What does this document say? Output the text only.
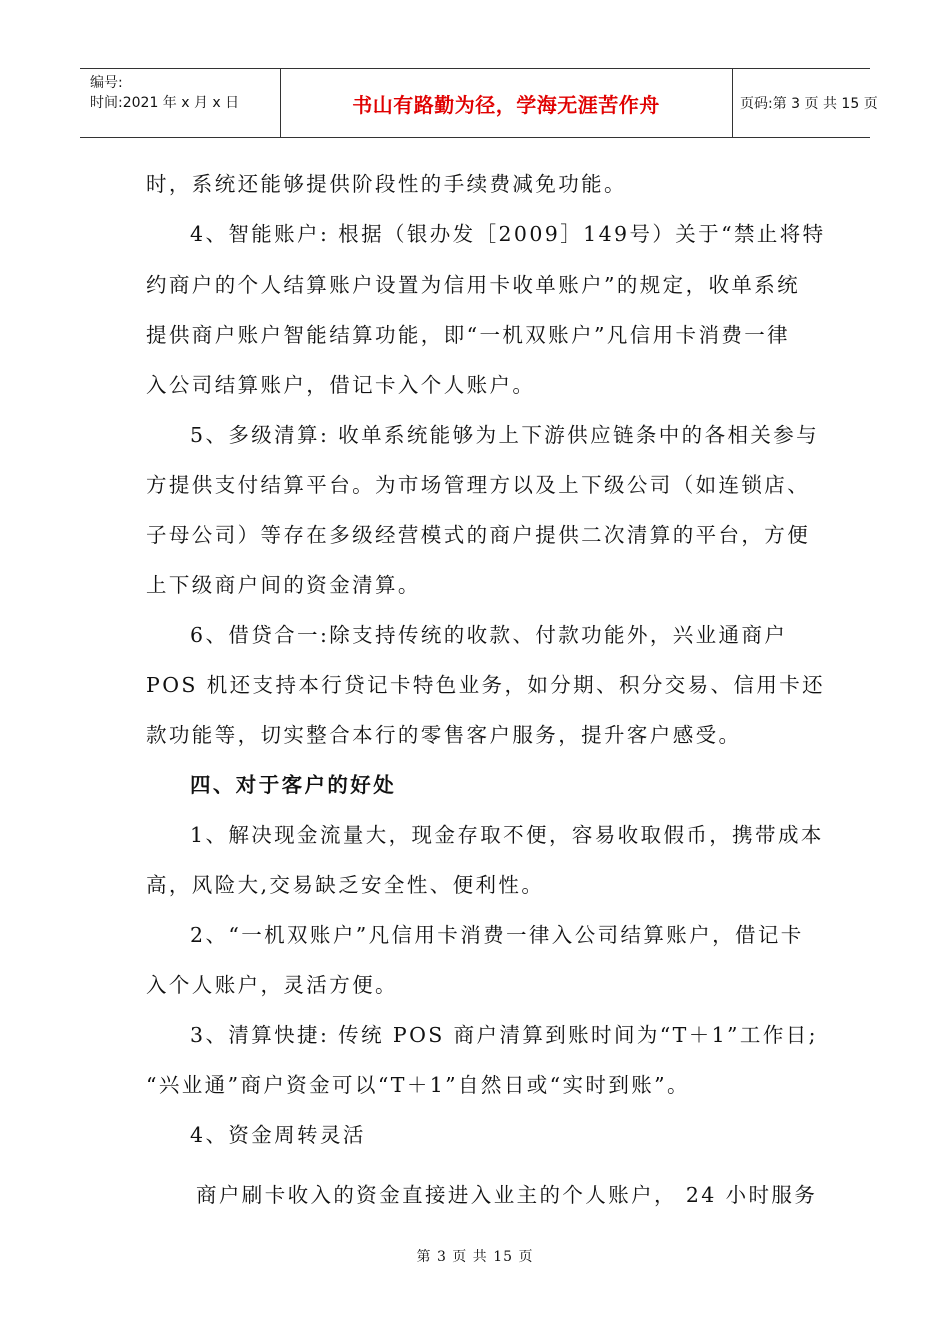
编号:
时间:2021 年 x 月 x 日	书山有路勤为径，学海无涯苦作舟	页码:第 3 页 共 15 页
时，系统还能够提供阶段性的手续费减免功能。
4、智能账户: 根据（银办发［2009］149号）关于“禁止将特
约商户的个人结算账户设置为信用卡收单账户”的规定，收单系统
提供商户账户智能结算功能，即“一机双账户”凡信用卡消费一律
入公司结算账户，借记卡入个人账户。
5、多级清算: 收单系统能够为上下游供应链条中的各相关参与
方提供支付结算平台。为市场管理方以及上下级公司（如连锁店、
子母公司）等存在多级经营模式的商户提供二次清算的平台，方便
上下级商户间的资金清算。
6、借贷合一:除支持传统的收款、付款功能外，兴业通商户
POS 机还支持本行贷记卡特色业务，如分期、积分交易、信用卡还
款功能等，切实整合本行的零售客户服务，提升客户感受。
四、对于客户的好处
1、解决现金流量大，现金存取不便，容易收取假币，携带成本
高，风险大,交易缺乏安全性、便利性。
2、“一机双账户”凡信用卡消费一律入公司结算账户，借记卡
入个人账户，灵活方便。
3、清算快捷: 传统 POS 商户清算到账时间为“T＋1”工作日;
“兴业通”商户资金可以“T＋1”自然日或“实时到账”。
4、资金周转灵活
商户刷卡收入的资金直接进入业主的个人账户， 24 小时服务
第 3 页 共 15 页
